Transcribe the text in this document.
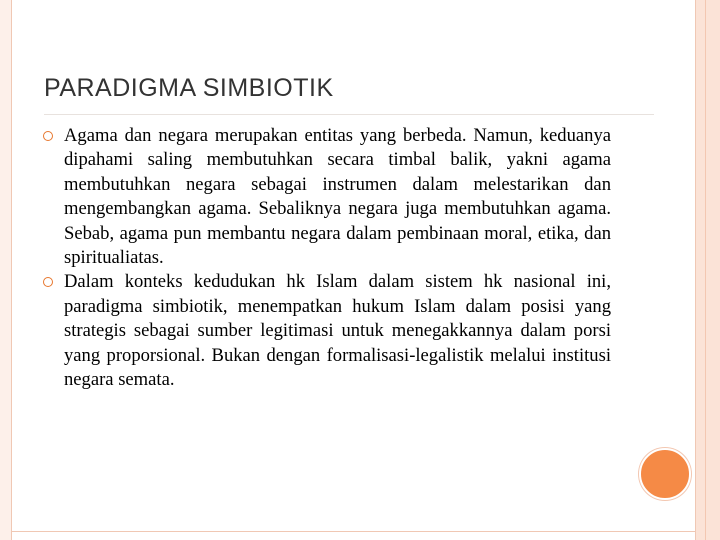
PARADIGMA SIMBIOTIK
Agama dan negara merupakan entitas yang berbeda. Namun, keduanya dipahami saling membutuhkan secara timbal balik, yakni agama membutuhkan negara sebagai instrumen dalam melestarikan dan mengembangkan agama. Sebaliknya negara juga membutuhkan agama. Sebab, agama pun membantu negara dalam pembinaan moral, etika, dan spiritualiatas.
Dalam konteks kedudukan hk Islam dalam sistem hk nasional ini, paradigma simbiotik, menempatkan hukum Islam dalam posisi yang strategis sebagai sumber legitimasi untuk menegakkannya dalam porsi yang proporsional. Bukan dengan formalisasi-legalistik melalui institusi negara semata.
